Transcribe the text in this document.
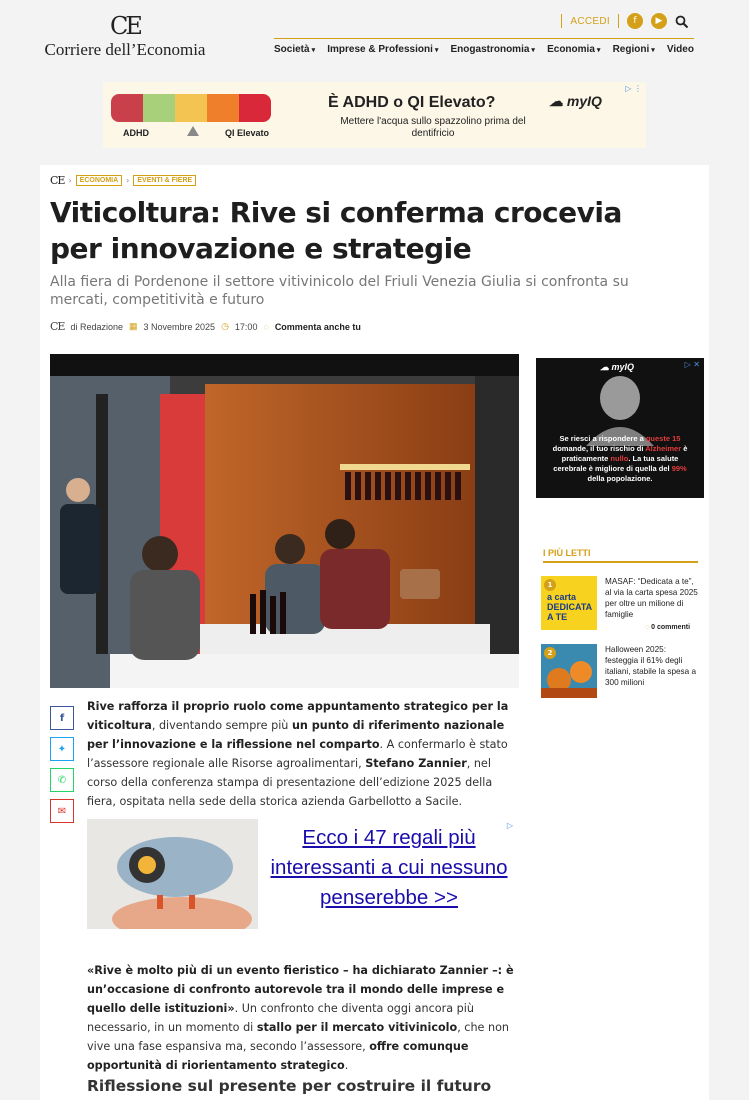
CE
Corriere dell’Economia
ACCEDI	f	▶
Società ▾ Imprese & Professioni ▾ Enogastronomia ▾ Economia ▾ Regioni ▾ Video
ADHD	QI Elevato
È ADHD o QI Elevato?
Mettere l'acqua sullo spazzolino prima del dentifricio
☁ myIQ
▷ ⋮
CE ›	ECONOMIA	›	EVENTI & FIERE
Viticoltura: Rive si conferma crocevia per innovazione e strategie

Alla fiera di Pordenone il settore vitivinicolo del Friuli Venezia Giulia si confronta su mercati, competitività e futuro

CE di Redazione ▦ 3 Novembre 2025 ◷ 17:00 ◌ Commenta anche tu
☁ myIQ
Se riesci a rispondere a queste 15 domande, il tuo rischio di Alzheimer è praticamente nullo. La tua salute cerebrale è migliore di quella del 99% della popolazione.
▷ ✕
I PIÙ LETTI
a carta DEDICATA A TE
1	MASAF: “Dedicata a te”, al via la carta spesa 2025 per oltre un milione di famiglie
◌ 0 commenti
2	Halloween 2025: festeggia il 61% degli italiani, stabile la spesa a 300 milioni
f
✦
✆
✉

Rive rafforza il proprio ruolo come appuntamento strategico per la viticoltura, diventando sempre più un punto di riferimento nazionale per l’innovazione e la riflessione nel comparto. A confermarlo è stato l’assessore regionale alle Risorse agroalimentari, Stefano Zannier, nel corso della conferenza stampa di presentazione dell’edizione 2025 della fiera, ospitata nella sede della storica azienda Garbellotto a Sacile.

Ecco i 47 regali più interessanti a cui nessuno penserebbe >>
▷

«Rive è molto più di un evento fieristico – ha dichiarato Zannier –: è un’occasione di confronto autorevole tra il mondo delle imprese e quello delle istituzioni». Un confronto che diventa oggi ancora più necessario, in un momento di stallo per il mercato vitivinicolo, che non vive una fase espansiva ma, secondo l’assessore, offre comunque opportunità di riorientamento strategico.

Riflessione sul presente per costruire il futuro
